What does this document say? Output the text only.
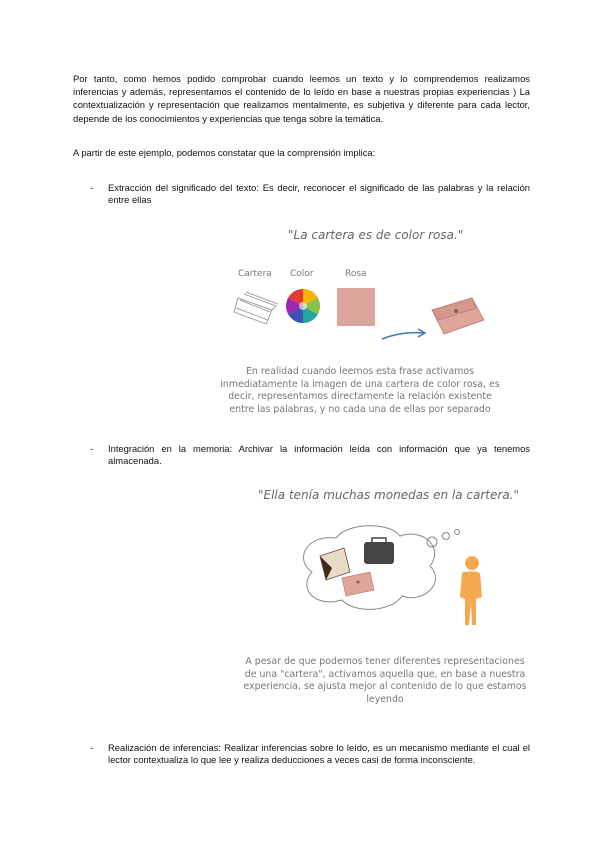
Por tanto, como hemos podido comprobar cuando leemos un texto y lo comprendemos realizamos inferencias y además, representamos el contenido de lo leído en base a nuestras propias experiencias ) La contextualización y representación que realizamos mentalmente, es subjetiva y diferente para cada lector, depende de los conocimientos y experiencias que tenga sobre la temática.
A partir de este ejemplo, podemos constatar que la comprensión implica:
- Extracción del significado del texto: Es decir, reconocer el significado de las palabras y la relación entre ellas
"La cartera es de color rosa."
Cartera Color	Rosa
En realidad cuando leemos esta frase activamos inmediatamente la imagen de una cartera de color rosa, es decir, representamos directamente la relación existente entre las palabras, y no cada una de ellas por separado
- Integración en la memoria: Archivar la información leída con información que ya tenemos almacenada.
"Ella tenía muchas monedas en la cartera."
A pesar de que podemos tener diferentes representaciones de una "cartera", activamos aquella que, en base a nuestra experiencia, se ajusta mejor al contenido de lo que estamos leyendo
- Realización de inferencias: Realizar inferencias sobre lo leído, es un mecanismo mediante el cual el lector contextualiza lo que lee y realiza deducciones a veces casi de forma inconsciente.
